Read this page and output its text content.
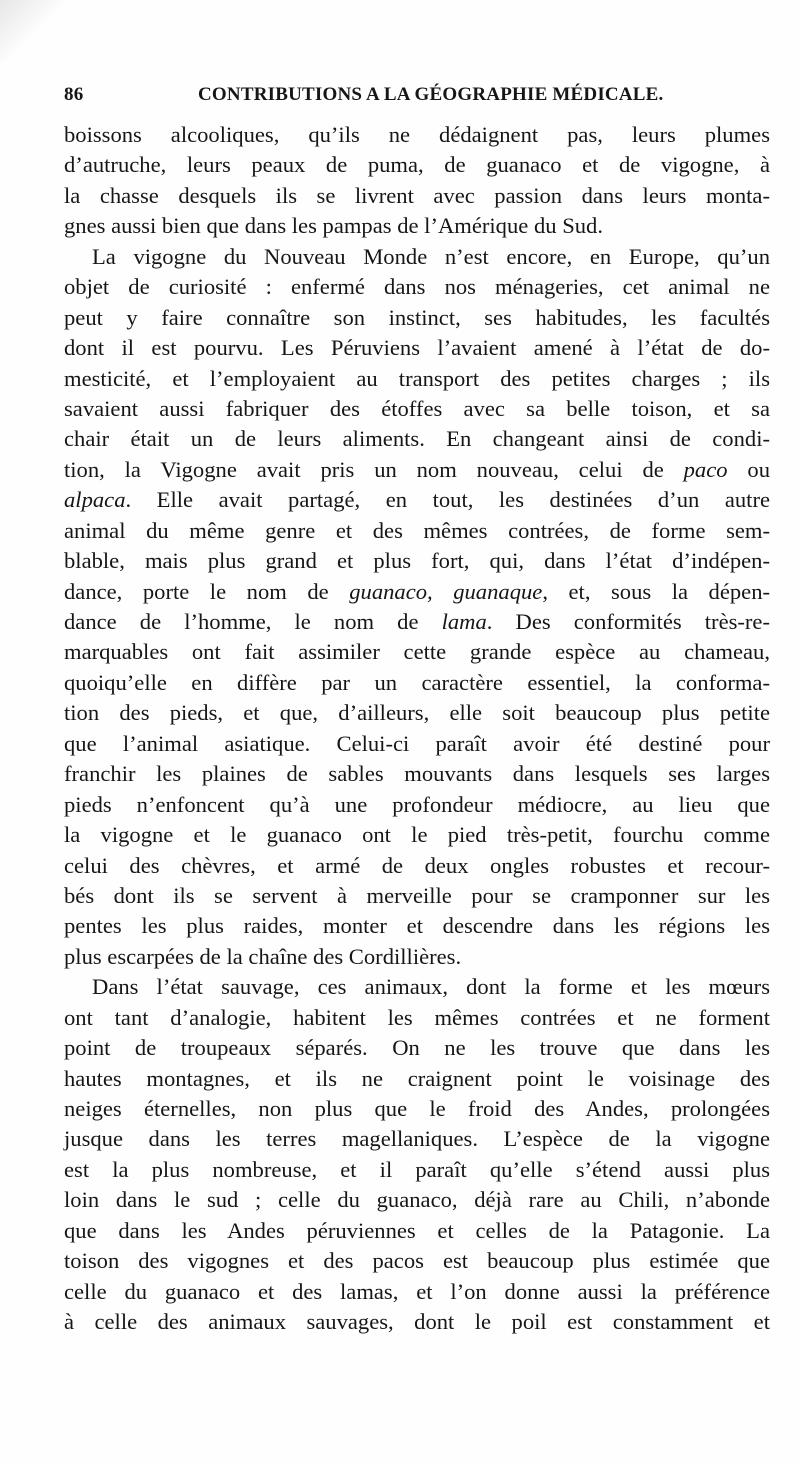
86	CONTRIBUTIONS A LA GÉOGRAPHIE MÉDICALE.
boissons alcooliques, qu’ils ne dédaignent pas, leurs plumes
d’autruche, leurs peaux de puma, de guanaco et de vigogne, à
la chasse desquels ils se livrent avec passion dans leurs monta-
gnes aussi bien que dans les pampas de l’Amérique du Sud.
La vigogne du Nouveau Monde n’est encore, en Europe, qu’un
objet de curiosité : enfermé dans nos ménageries, cet animal ne
peut y faire connaître son instinct, ses habitudes, les facultés
dont il est pourvu. Les Péruviens l’avaient amené à l’état de do-
mesticité, et l’employaient au transport des petites charges ; ils
savaient aussi fabriquer des étoffes avec sa belle toison, et sa
chair était un de leurs aliments. En changeant ainsi de condi-
tion, la Vigogne avait pris un nom nouveau, celui de paco ou
alpaca. Elle avait partagé, en tout, les destinées d’un autre
animal du même genre et des mêmes contrées, de forme sem-
blable, mais plus grand et plus fort, qui, dans l’état d’indépen-
dance, porte le nom de guanaco, guanaque, et, sous la dépen-
dance de l’homme, le nom de lama. Des conformités très-re-
marquables ont fait assimiler cette grande espèce au chameau,
quoiqu’elle en diffère par un caractère essentiel, la conforma-
tion des pieds, et que, d’ailleurs, elle soit beaucoup plus petite
que l’animal asiatique. Celui-ci paraît avoir été destiné pour
franchir les plaines de sables mouvants dans lesquels ses larges
pieds n’enfoncent qu’à une profondeur médiocre, au lieu que
la vigogne et le guanaco ont le pied très-petit, fourchu comme
celui des chèvres, et armé de deux ongles robustes et recour-
bés dont ils se servent à merveille pour se cramponner sur les
pentes les plus raides, monter et descendre dans les régions les
plus escarpées de la chaîne des Cordillières.
Dans l’état sauvage, ces animaux, dont la forme et les mœurs
ont tant d’analogie, habitent les mêmes contrées et ne forment
point de troupeaux séparés. On ne les trouve que dans les
hautes montagnes, et ils ne craignent point le voisinage des
neiges éternelles, non plus que le froid des Andes, prolongées
jusque dans les terres magellaniques. L’espèce de la vigogne
est la plus nombreuse, et il paraît qu’elle s’étend aussi plus
loin dans le sud ; celle du guanaco, déjà rare au Chili, n’abonde
que dans les Andes péruviennes et celles de la Patagonie. La
toison des vigognes et des pacos est beaucoup plus estimée que
celle du guanaco et des lamas, et l’on donne aussi la préférence
à celle des animaux sauvages, dont le poil est constamment et
